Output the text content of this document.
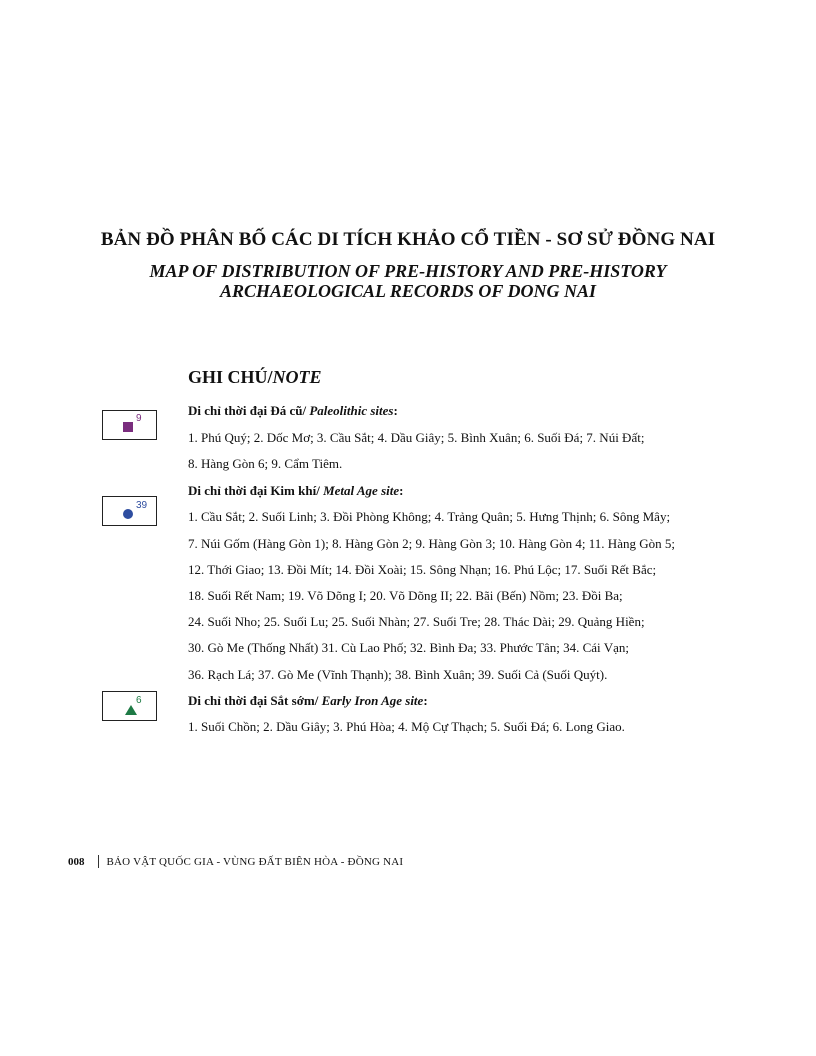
BẢN ĐỒ PHÂN BỐ CÁC DI TÍCH KHẢO CỔ TIỀN - SƠ SỬ ĐỒNG NAI
MAP OF DISTRIBUTION OF PRE-HISTORY AND PRE-HISTORY
ARCHAEOLOGICAL RECORDS OF DONG NAI
GHI CHÚ/NOTE
9
Di chỉ thời đại Đá cũ/ Paleolithic sites:
1. Phú Quý; 2. Dốc Mơ; 3. Cầu Sắt; 4. Dầu Giây; 5. Bình Xuân; 6. Suối Đá; 7. Núi Đất;
8. Hàng Gòn 6; 9. Cẩm Tiêm.
39
Di chỉ thời đại Kim khí/ Metal Age site:
1. Cầu Sắt; 2. Suối Linh; 3. Đồi Phòng Không; 4. Trảng Quân; 5. Hưng Thịnh; 6. Sông Mây;
7. Núi Gốm (Hàng Gòn 1); 8. Hàng Gòn 2; 9. Hàng Gòn 3; 10. Hàng Gòn 4; 11. Hàng Gòn 5;
12. Thới Giao; 13. Đồi Mít; 14. Đồi Xoài; 15. Sông Nhạn; 16. Phú Lộc; 17. Suối Rết Bắc;
18. Suối Rết Nam; 19. Võ Dõng I; 20. Võ Dõng II; 22. Bãi (Bến) Nồm; 23. Đồi Ba;
24. Suối Nho; 25. Suối Lu; 25. Suối Nhàn; 27. Suối Tre; 28. Thác Dài; 29. Quảng Hiền;
30. Gò Me (Thống Nhất) 31. Cù Lao Phố; 32. Bình Đa; 33. Phước Tân; 34. Cái Vạn;
36. Rạch Lá; 37. Gò Me (Vĩnh Thạnh); 38. Bình Xuân; 39. Suối Cả (Suối Quýt).
6	Di chỉ thời đại Sắt sớm/ Early Iron Age site:
1. Suối Chồn; 2. Dầu Giây; 3. Phú Hòa; 4. Mộ Cự Thạch; 5. Suối Đá; 6. Long Giao.
008 BẢO VẬT QUỐC GIA - VÙNG ĐẤT BIÊN HÒA - ĐỒNG NAI
